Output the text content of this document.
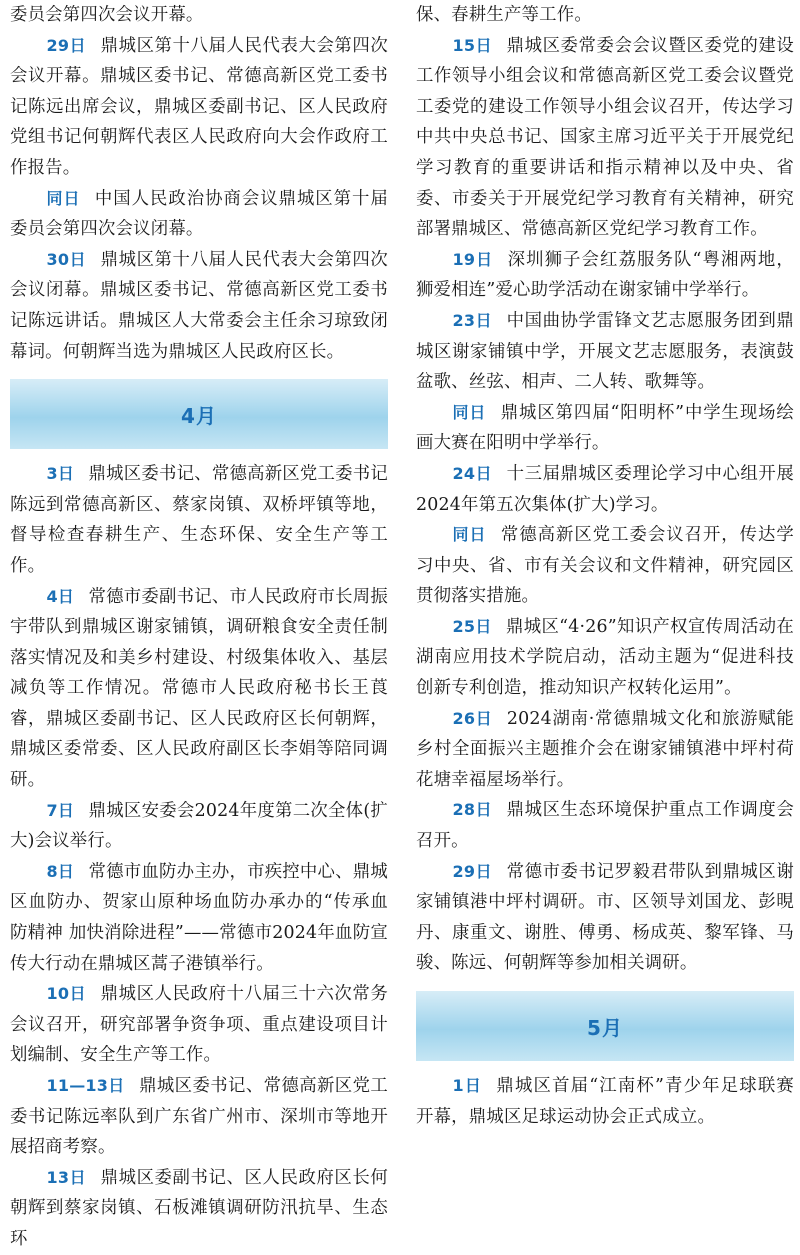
委员会第四次会议开幕。

29日 鼎城区第十八届人民代表大会第四次会议开幕。鼎城区委书记、常德高新区党工委书记陈远出席会议，鼎城区委副书记、区人民政府党组书记何朝辉代表区人民政府向大会作政府工作报告。

同日 中国人民政治协商会议鼎城区第十届委员会第四次会议闭幕。

30日 鼎城区第十八届人民代表大会第四次会议闭幕。鼎城区委书记、常德高新区党工委书记陈远讲话。鼎城区人大常委会主任余习琼致闭幕词。何朝辉当选为鼎城区人民政府区长。

4月

3日 鼎城区委书记、常德高新区党工委书记陈远到常德高新区、蔡家岗镇、双桥坪镇等地，督导检查春耕生产、生态环保、安全生产等工作。

4日 常德市委副书记、市人民政府市长周振宇带队到鼎城区谢家铺镇，调研粮食安全责任制落实情况及和美乡村建设、村级集体收入、基层减负等工作情况。常德市人民政府秘书长王莨睿，鼎城区委副书记、区人民政府区长何朝辉，鼎城区委常委、区人民政府副区长李娟等陪同调研。

7日 鼎城区安委会2024年度第二次全体(扩大)会议举行。

8日 常德市血防办主办，市疾控中心、鼎城区血防办、贺家山原种场血防办承办的“传承血防精神 加快消除进程”——常德市2024年血防宣传大行动在鼎城区蒿子港镇举行。

10日 鼎城区人民政府十八届三十六次常务会议召开，研究部署争资争项、重点建设项目计划编制、安全生产等工作。

11—13日 鼎城区委书记、常德高新区党工委书记陈远率队到广东省广州市、深圳市等地开展招商考察。

13日 鼎城区委副书记、区人民政府区长何朝辉到蔡家岗镇、石板滩镇调研防汛抗旱、生态环

保、春耕生产等工作。

15日 鼎城区委常委会会议暨区委党的建设工作领导小组会议和常德高新区党工委会议暨党工委党的建设工作领导小组会议召开，传达学习中共中央总书记、国家主席习近平关于开展党纪学习教育的重要讲话和指示精神以及中央、省委、市委关于开展党纪学习教育有关精神，研究部署鼎城区、常德高新区党纪学习教育工作。

19日 深圳狮子会红荔服务队“粤湘两地，狮爱相连”爱心助学活动在谢家铺中学举行。

23日 中国曲协学雷锋文艺志愿服务团到鼎城区谢家铺镇中学，开展文艺志愿服务，表演鼓盆歌、丝弦、相声、二人转、歌舞等。

同日 鼎城区第四届“阳明杯”中学生现场绘画大赛在阳明中学举行。

24日 十三届鼎城区委理论学习中心组开展2024年第五次集体(扩大)学习。

同日 常德高新区党工委会议召开，传达学习中央、省、市有关会议和文件精神，研究园区贯彻落实措施。

25日 鼎城区“4·26”知识产权宣传周活动在湖南应用技术学院启动，活动主题为“促进科技创新专利创造，推动知识产权转化运用”。

26日 2024湖南·常德鼎城文化和旅游赋能乡村全面振兴主题推介会在谢家铺镇港中坪村荷花塘幸福屋场举行。

28日 鼎城区生态环境保护重点工作调度会召开。

29日 常德市委书记罗毅君带队到鼎城区谢家铺镇港中坪村调研。市、区领导刘国龙、彭晛丹、康重文、谢胜、傅勇、杨成英、黎军锋、马骏、陈远、何朝辉等参加相关调研。

5月

1日 鼎城区首届“江南杯”青少年足球联赛开幕，鼎城区足球运动协会正式成立。
